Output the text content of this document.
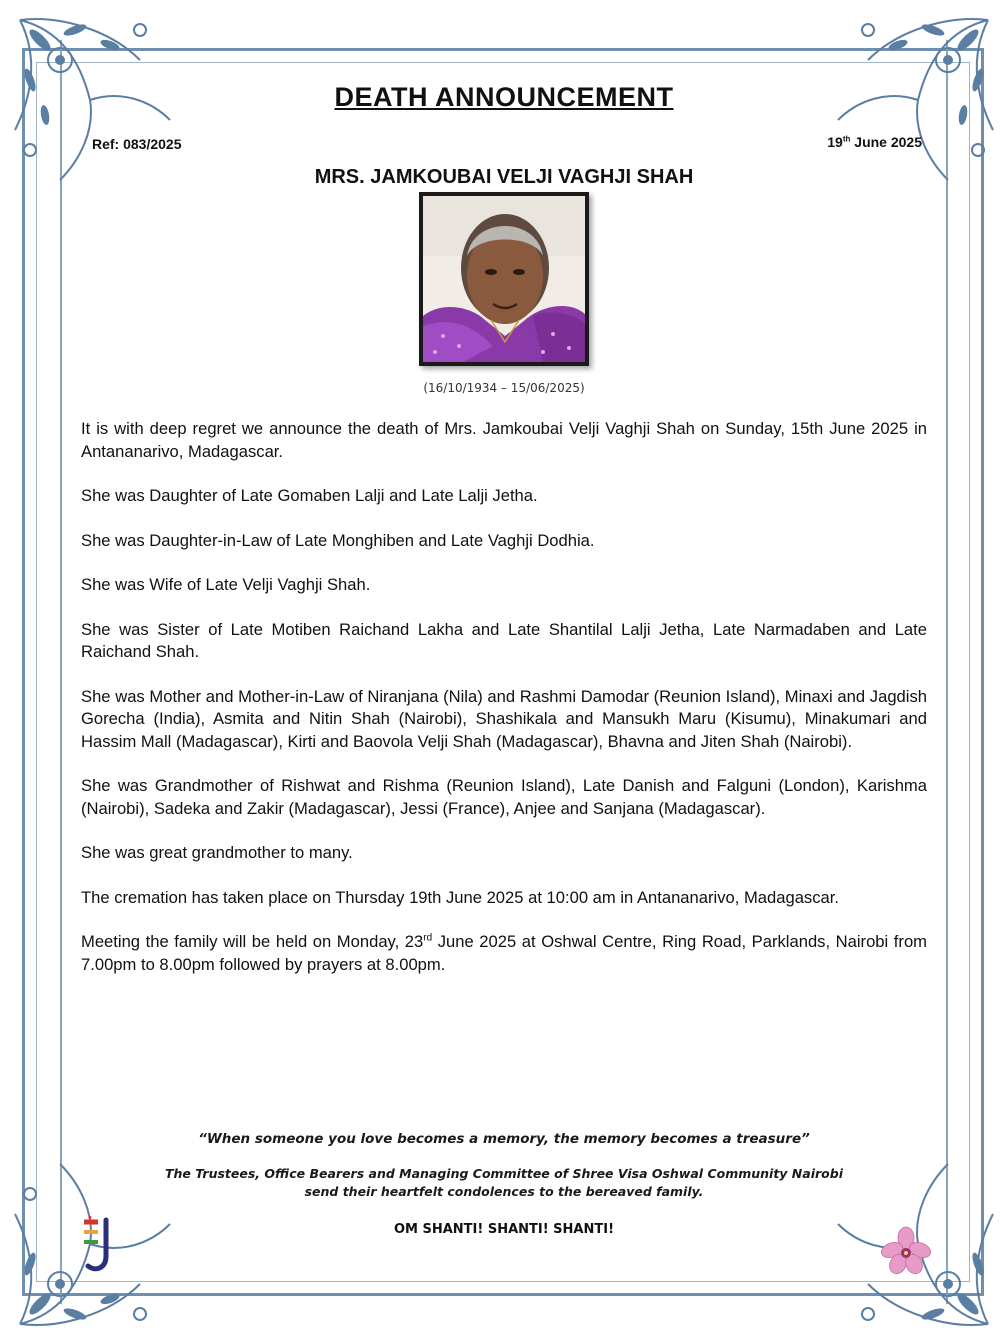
DEATH ANNOUNCEMENT
Ref: 083/2025	19th June 2025
MRS. JAMKOUBAI VELJI VAGHJI SHAH
(16/10/1934 – 15/06/2025)

It is with deep regret we announce the death of Mrs. Jamkoubai Velji Vaghji Shah on Sunday, 15th June 2025 in Antananarivo, Madagascar.

She was Daughter of Late Gomaben Lalji and Late Lalji Jetha.

She was Daughter-in-Law of Late Monghiben and Late Vaghji Dodhia.

She was Wife of Late Velji Vaghji Shah.

She was Sister of Late Motiben Raichand Lakha and Late Shantilal Lalji Jetha, Late Narmadaben and Late Raichand Shah.

She was Mother and Mother-in-Law of Niranjana (Nila) and Rashmi Damodar (Reunion Island), Minaxi and Jagdish Gorecha (India), Asmita and Nitin Shah (Nairobi), Shashikala and Mansukh Maru (Kisumu), Minakumari and Hassim Mall (Madagascar), Kirti and Baovola Velji Shah (Madagascar), Bhavna and Jiten Shah (Nairobi).

She was Grandmother of Rishwat and Rishma (Reunion Island), Late Danish and Falguni (London), Karishma (Nairobi), Sadeka and Zakir (Madagascar), Jessi (France), Anjee and Sanjana (Madagascar).

She was great grandmother to many.

The cremation has taken place on Thursday 19th June 2025 at 10:00 am in Antananarivo, Madagascar.

Meeting the family will be held on Monday, 23rd June 2025 at Oshwal Centre, Ring Road, Parklands, Nairobi from 7.00pm to 8.00pm followed by prayers at 8.00pm.

“When someone you love becomes a memory, the memory becomes a treasure”
The Trustees, Office Bearers and Managing Committee of Shree Visa Oshwal Community Nairobi
send their heartfelt condolences to the bereaved family.
OM SHANTI! SHANTI! SHANTI!
